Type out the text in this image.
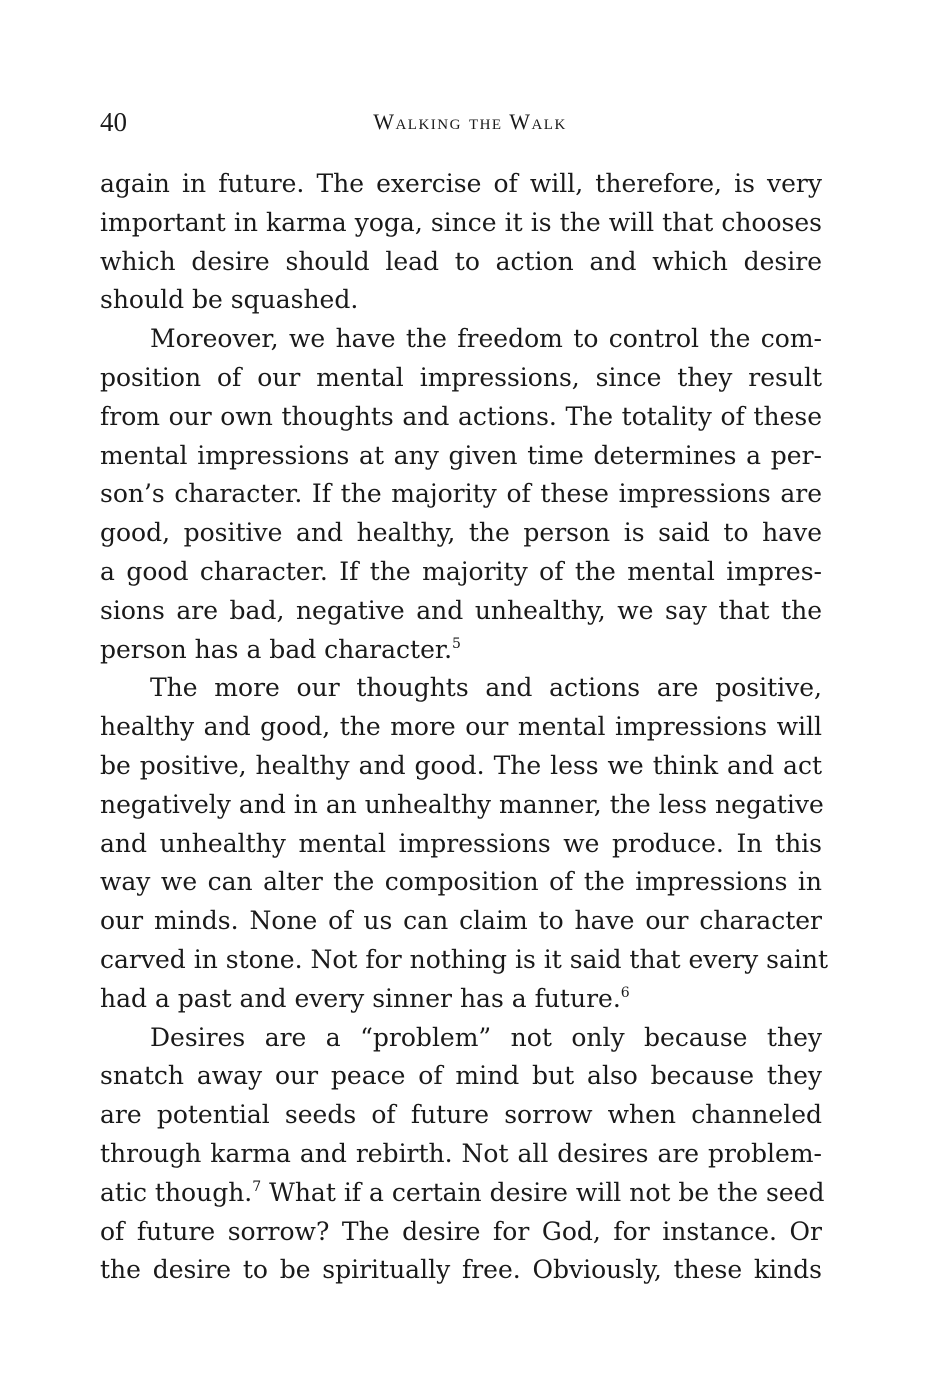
40	Walking the Walk
again in future. The exercise of will, therefore, is very
important in karma yoga, since it is the will that chooses
which desire should lead to action and which desire
should be squashed.
Moreover, we have the freedom to control the com-
position of our mental impressions, since they result
from our own thoughts and actions. The totality of these
mental impressions at any given time determines a per-
son’s character. If the majority of these impressions are
good, positive and healthy, the person is said to have
a good character. If the majority of the mental impres-
sions are bad, negative and unhealthy, we say that the
person has a bad character.$^5$
The more our thoughts and actions are positive,
healthy and good, the more our mental impressions will
be positive, healthy and good. The less we think and act
negatively and in an unhealthy manner, the less negative
and unhealthy mental impressions we produce. In this
way we can alter the composition of the impressions in
our minds. None of us can claim to have our character
carved in stone. Not for nothing is it said that every saint
had a past and every sinner has a future.$^6$
Desires are a “problem” not only because they
snatch away our peace of mind but also because they
are potential seeds of future sorrow when channeled
through karma and rebirth. Not all desires are problem-
atic though.$^7$ What if a certain desire will not be the seed
of future sorrow? The desire for God, for instance. Or
the desire to be spiritually free. Obviously, these kinds
